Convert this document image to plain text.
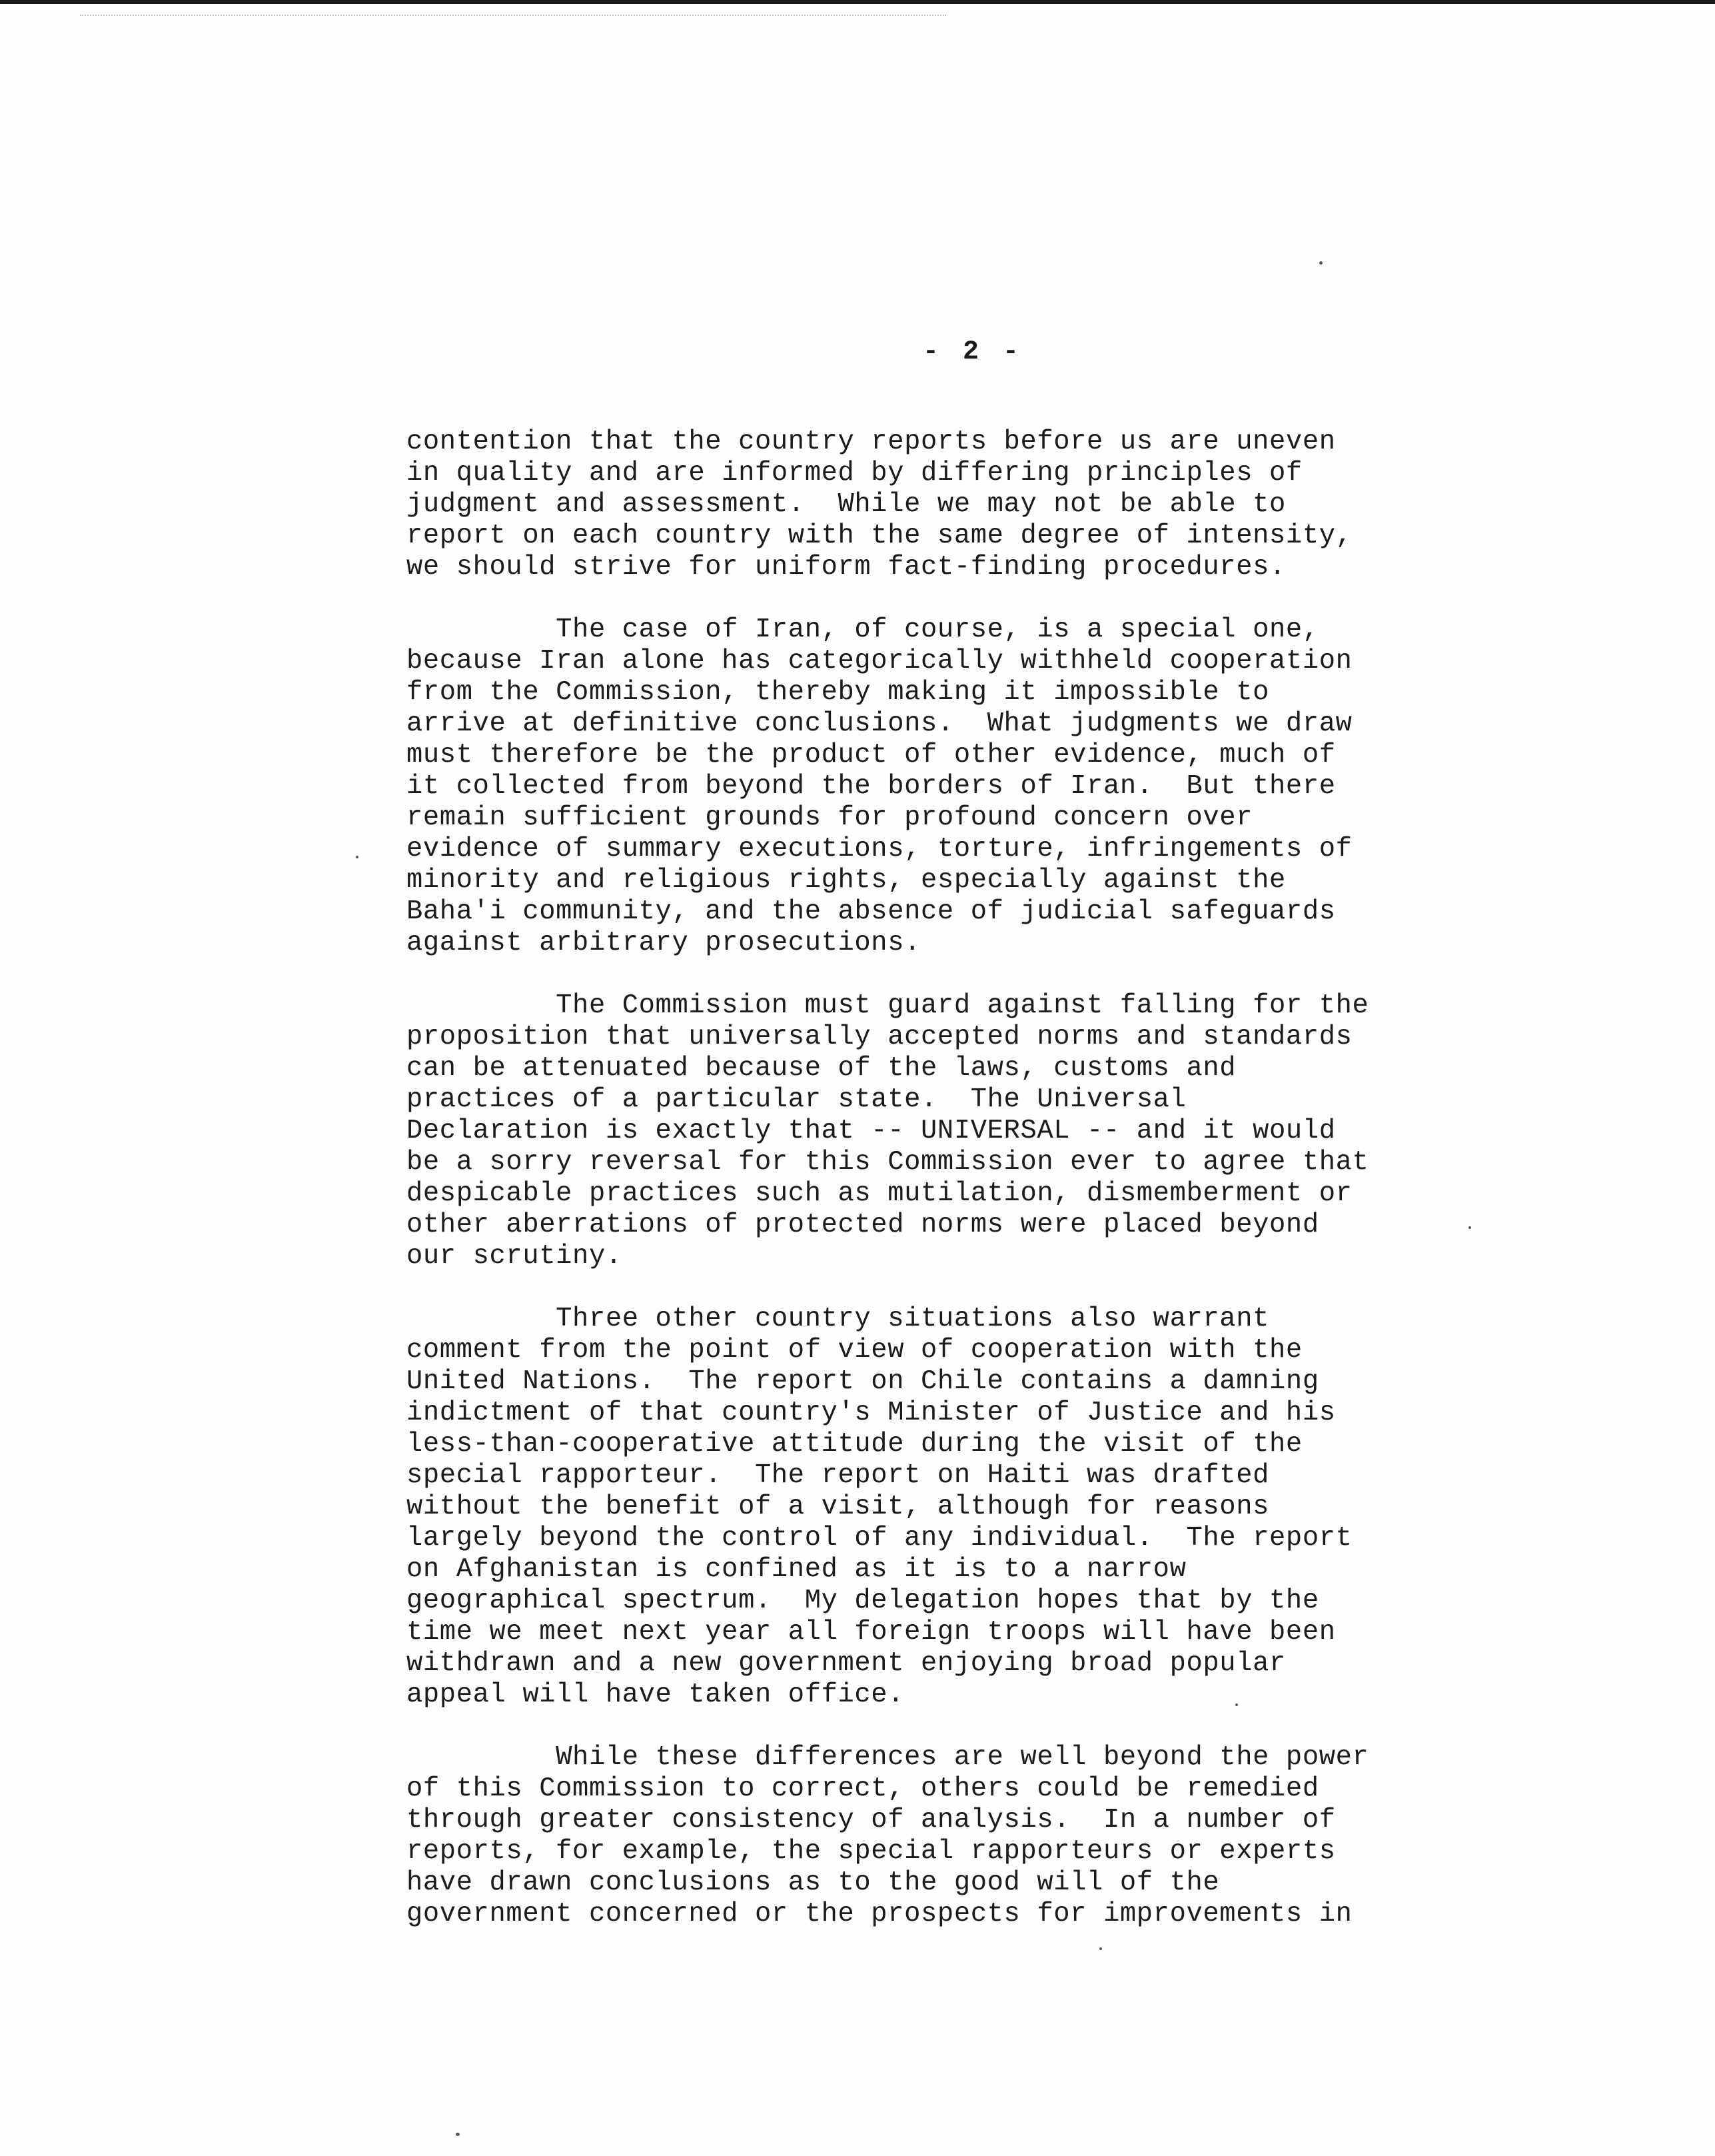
- 2 -

contention that the country reports before us are uneven
in quality and are informed by differing principles of
judgment and assessment.  While we may not be able to
report on each country with the same degree of intensity,
we should strive for uniform fact-finding procedures.

The case of Iran, of course, is a special one,
because Iran alone has categorically withheld cooperation
from the Commission, thereby making it impossible to
arrive at definitive conclusions.  What judgments we draw
must therefore be the product of other evidence, much of
it collected from beyond the borders of Iran.  But there
remain sufficient grounds for profound concern over
evidence of summary executions, torture, infringements of
minority and religious rights, especially against the
Baha'i community, and the absence of judicial safeguards
against arbitrary prosecutions.

The Commission must guard against falling for the
proposition that universally accepted norms and standards
can be attenuated because of the laws, customs and
practices of a particular state.  The Universal
Declaration is exactly that -- UNIVERSAL -- and it would
be a sorry reversal for this Commission ever to agree that
despicable practices such as mutilation, dismemberment or
other aberrations of protected norms were placed beyond
our scrutiny.

Three other country situations also warrant
comment from the point of view of cooperation with the
United Nations.  The report on Chile contains a damning
indictment of that country's Minister of Justice and his
less-than-cooperative attitude during the visit of the
special rapporteur.  The report on Haiti was drafted
without the benefit of a visit, although for reasons
largely beyond the control of any individual.  The report
on Afghanistan is confined as it is to a narrow
geographical spectrum.  My delegation hopes that by the
time we meet next year all foreign troops will have been
withdrawn and a new government enjoying broad popular
appeal will have taken office.

While these differences are well beyond the power
of this Commission to correct, others could be remedied
through greater consistency of analysis.  In a number of
reports, for example, the special rapporteurs or experts
have drawn conclusions as to the good will of the
government concerned or the prospects for improvements in
